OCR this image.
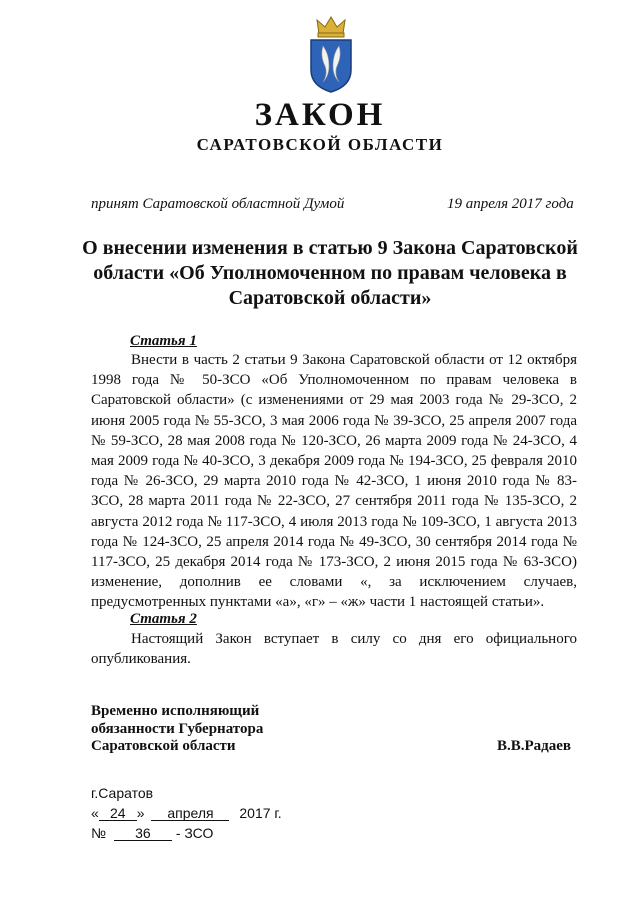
ЗАКОН
САРАТОВСКОЙ ОБЛАСТИ
принят Саратовской областной Думой	19 апреля 2017 года
О внесении изменения в статью 9 Закона Саратовской области «Об Уполномоченном по правам человека в Саратовской области»
Статья 1
Внести в часть 2 статьи 9 Закона Саратовской области от 12 октября 1998 года № 50-ЗСО «Об Уполномоченном по правам человека в Саратовской области» (с изменениями от 29 мая 2003 года № 29-ЗСО, 2 июня 2005 года № 55-ЗСО, 3 мая 2006 года № 39-ЗСО, 25 апреля 2007 года № 59-ЗСО, 28 мая 2008 года № 120-ЗСО, 26 марта 2009 года № 24-ЗСО, 4 мая 2009 года № 40-ЗСО, 3 декабря 2009 года № 194-ЗСО, 25 февраля 2010 года № 26-ЗСО, 29 марта 2010 года № 42-ЗСО, 1 июня 2010 года № 83-ЗСО, 28 марта 2011 года № 22-ЗСО, 27 сентября 2011 года № 135-ЗСО, 2 августа 2012 года № 117-ЗСО, 4 июля 2013 года № 109-ЗСО, 1 августа 2013 года № 124-ЗСО, 25 апреля 2014 года № 49-ЗСО, 30 сентября 2014 года № 117-ЗСО, 25 декабря 2014 года № 173-ЗСО, 2 июня 2015 года № 63-ЗСО) изменение, дополнив ее словами «, за исключением случаев, предусмотренных пунктами «а», «г» – «ж» части 1 настоящей статьи».
Статья 2
Настоящий Закон вступает в силу со дня его официального опубликования.
Временно исполняющий
обязанности Губернатора
Саратовской области	В.В.Радаев
г.Саратов
« 24 » апреля 2017 г.
№ 36 - ЗСО
